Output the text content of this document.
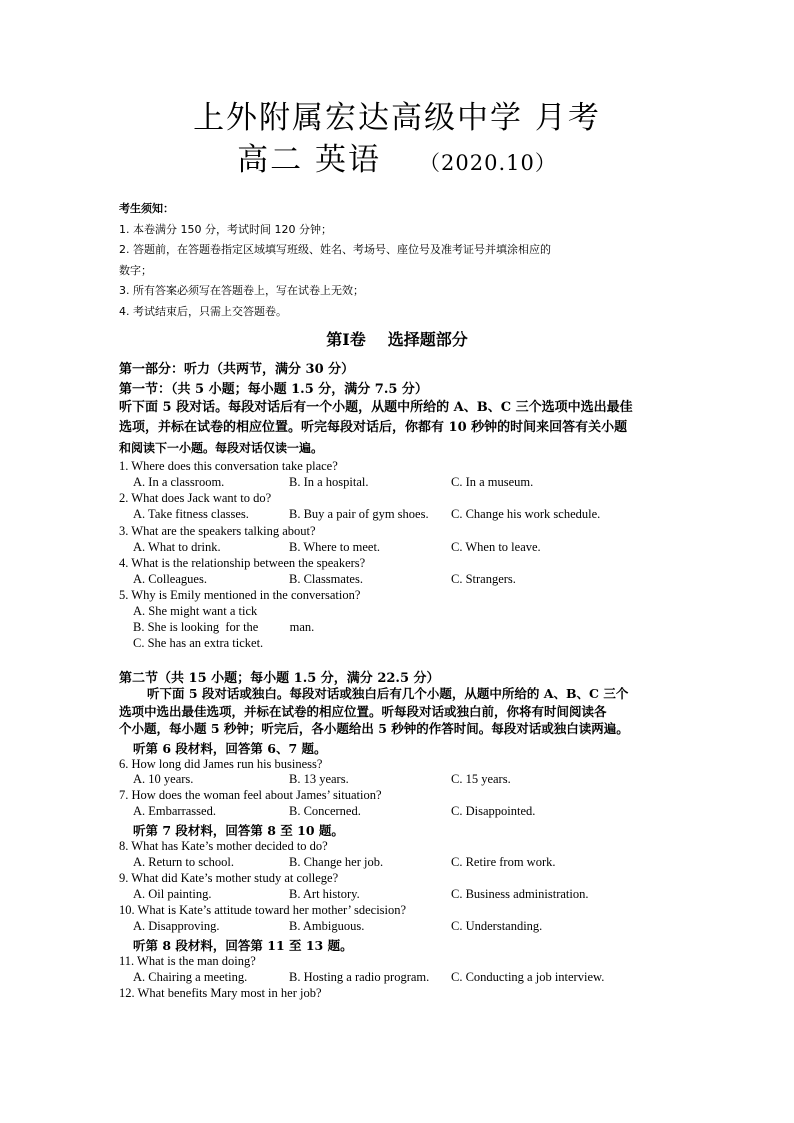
上外附属宏达高级中学 月考
高二 英语 （2020.10）
考生须知：
1. 本卷满分 150 分，考试时间 120 分钟；
2. 答题前，在答题卷指定区域填写班级、姓名、考场号、座位号及准考证号并填涂相应的
数字；
3. 所有答案必须写在答题卷上，写在试卷上无效；
4. 考试结束后，只需上交答题卷。
第Ⅰ卷 选择题部分
第一部分：听力（共两节，满分 30 分）
第一节：（共 5 小题；每小题 1.5 分，满分 7.5 分）
听下面 5 段对话。每段对话后有一个小题，从题中所给的 A、B、C 三个选项中选出最佳
选项，并标在试卷的相应位置。听完每段对话后，你都有 10 秒钟的时间来回答有关小题
和阅读下一小题。每段对话仅读一遍。
1. Where does this conversation take place?
A. In a classroom.	B. In a hospital.	C. In a museum.
2. What does Jack want to do?
A. Take fitness classes.	B. Buy a pair of gym shoes. C. Change his work schedule.
3. What are the speakers talking about?
A. What to drink.	B. Where to meet.	C. When to leave.
4. What is the relationship between the speakers?
A. Colleagues.	B. Classmates.	C. Strangers.
5. Why is Emily mentioned in the conversation?
A. She might want a tick
B. She is looking  for the          man.
C. She has an extra ticket.
第二节（共 15 小题；每小题 1.5 分，满分 22.5 分）
听下面 5 段对话或独白。每段对话或独白后有几个小题，从题中所给的 A、B、C 三个
选项中选出最佳选项，并标在试卷的相应位置。听每段对话或独白前，你将有时间阅读各
个小题，每小题 5 秒钟；听完后，各小题给出 5 秒钟的作答时间。每段对话或独白读两遍。
听第 6 段材料，回答第 6、7 题。
6. How long did James run his business?
A. 10 years.	B. 13 years.	C. 15 years.
7. How does the woman feel about James’ situation?
A. Embarrassed.	B. Concerned.	C. Disappointed.
听第 7 段材料，回答第 8 至 10 题。
8. What has Kate’s mother decided to do?
A. Return to school.	B. Change her job.	C. Retire from work.
9. What did Kate’s mother study at college?
A. Oil painting.	B. Art history.	C. Business administration.
10. What is Kate’s attitude toward her mother’ sdecision?
A. Disapproving.	B. Ambiguous.	C. Understanding.
听第 8 段材料，回答第 11 至 13 题。
11. What is the man doing?
A. Chairing a meeting.	B. Hosting a radio program. C. Conducting a job interview.
12. What benefits Mary most in her job?
